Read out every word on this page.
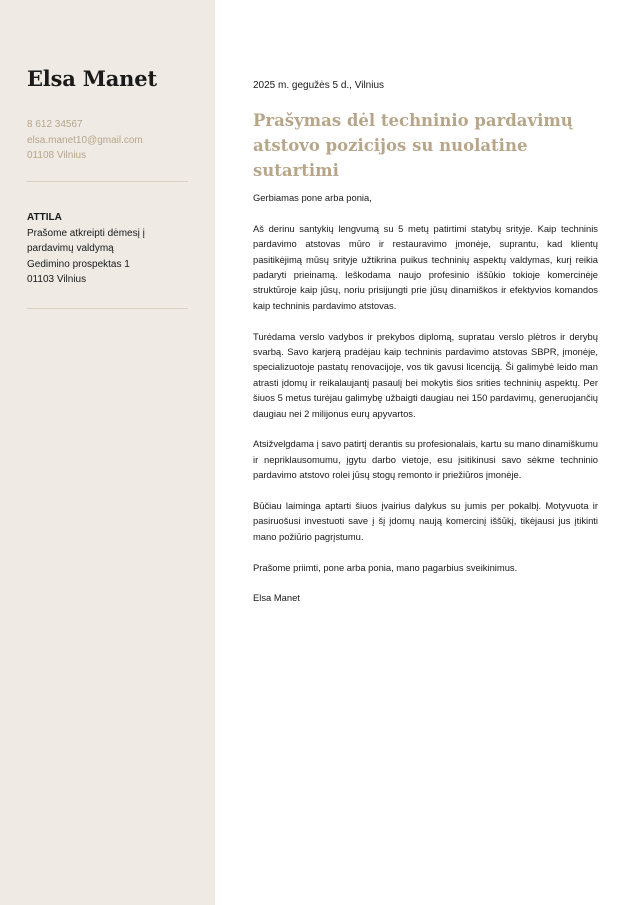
Elsa Manet
8 612 34567
elsa.manet10@gmail.com
01108 Vilnius
ATTILA
Prašome atkreipti dėmesį į
pardavimų valdymą
Gedimino prospektas 1
01103 Vilnius
2025 m. gegužės 5 d., Vilnius
Prašymas dėl techninio pardavimų atstovo pozicijos su nuolatine sutartimi

Gerbiamas pone arba ponia,

Aš derinu santykių lengvumą su 5 metų patirtimi statybų srityje. Kaip techninis pardavimo atstovas mūro ir restauravimo įmonėje, suprantu, kad klientų pasitikėjimą mūsų srityje užtikrina puikus techninių aspektų valdymas, kurį reikia padaryti prieinamą. Ieškodama naujo profesinio iššūkio tokioje komercinėje struktūroje kaip jūsų, noriu prisijungti prie jūsų dinamiškos ir efektyvios komandos kaip techninis pardavimo atstovas.

Turėdama verslo vadybos ir prekybos diplomą, supratau verslo plėtros ir derybų svarbą. Savo karjerą pradėjau kaip techninis pardavimo atstovas SBPR, įmonėje, specializuotoje pastatų renovacijoje, vos tik gavusi licenciją. Ši galimybė leido man atrasti įdomų ir reikalaujantį pasaulį bei mokytis šios srities techninių aspektų. Per šiuos 5 metus turėjau galimybę užbaigti daugiau nei 150 pardavimų, generuojančių daugiau nei 2 milijonus eurų apyvartos.

Atsižvelgdama į savo patirtį derantis su profesionalais, kartu su mano dinamiškumu ir nepriklausomumu, įgytu darbo vietoje, esu įsitikinusi savo sėkme techninio pardavimo atstovo rolei jūsų stogų remonto ir priežiūros įmonėje.

Būčiau laiminga aptarti šiuos įvairius dalykus su jumis per pokalbį. Motyvuota ir pasiruošusi investuoti save į šį įdomų naują komercinį iššūkį, tikėjausi jus įtikinti mano požiūrio pagrįstumu.

Prašome priimti, pone arba ponia, mano pagarbius sveikinimus.

Elsa Manet
